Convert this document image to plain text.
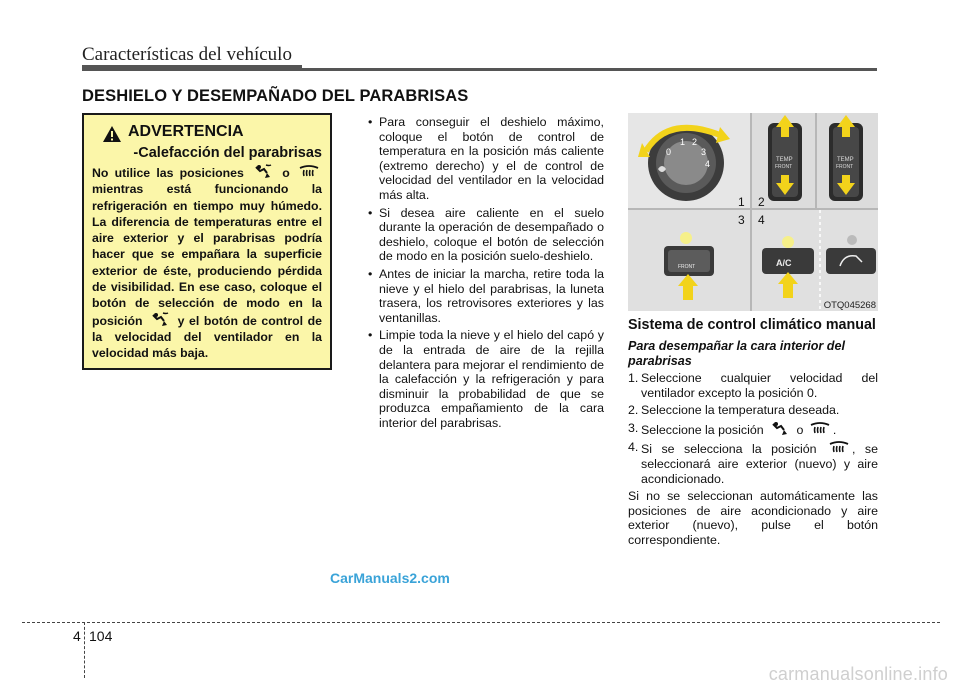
Características del vehículo
DESHIELO Y DESEMPAÑADO DEL PARABRISAS
ADVERTENCIA
-Calefacción del parabrisas
No utilice las posiciones	o  mientras está funcionando la refrigeración en tiempo muy húmedo. La diferencia de temperaturas entre el aire exterior y el parabrisas podría hacer que se empañara la superficie exterior de éste, produciendo pérdida de visibilidad. En ese caso, coloque el botón de selección de modo en la posición	y el botón de control de la velocidad del ventilador en la velocidad más baja.
• Para conseguir el deshielo máximo, coloque el botón de control de temperatura en la posición más caliente (extremo derecho) y el de control de velocidad del ventilador en la velocidad más alta.
• Si desea aire caliente en el suelo durante la operación de desempañado o deshielo, coloque el botón de selección de modo en la posición suelo-deshielo.
• Antes de iniciar la marcha, retire toda la nieve y el hielo del parabrisas, la luneta trasera, los retrovisores exteriores y las ventanillas.
• Limpie toda la nieve y el hielo del capó y de la entrada de aire de la rejilla delantera para mejorar el rendimiento de la calefacción y la refrigeración y para disminuir la probabilidad de que se produzca empañamiento de la cara interior del parabrisas.
0
1 2
3
4
1
TEMP
FRONT
2
TEMP
FRONT
FRONT
3
A/C
4
OTQ045268
Sistema de control climático manual
Para desempañar la cara interior del parabrisas
1. Seleccione cualquier velocidad del ventilador excepto la posición 0.
2. Seleccione la temperatura deseada.
3. Seleccione la posición	o .
4. Si se selecciona la posición	, se seleccionará aire exterior (nuevo) y aire acondicionado.
Si no se seleccionan automáticamente las posiciones de aire acondicionado y aire exterior (nuevo), pulse el botón correspondiente.
CarManuals2.com
4 104
carmanualsonline.info
